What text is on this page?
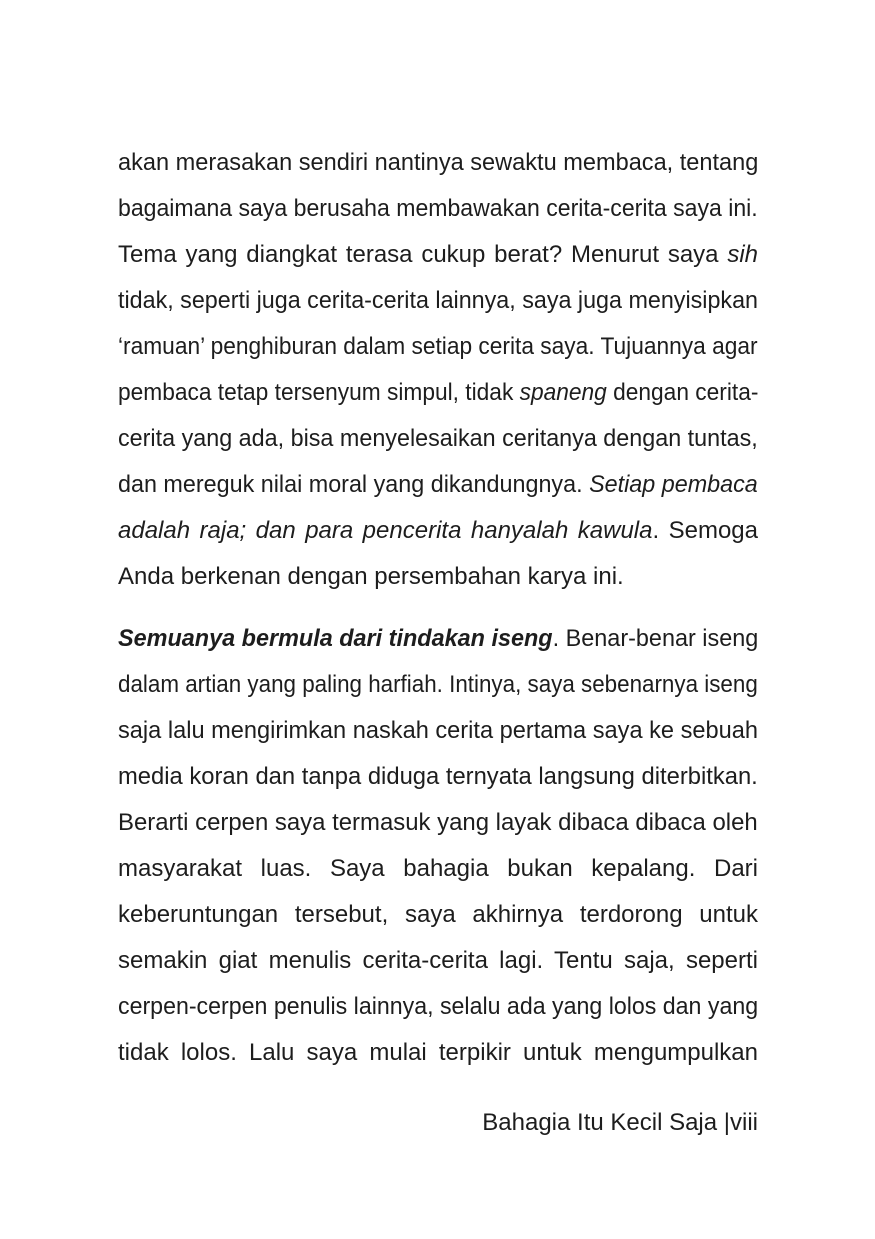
akan merasakan sendiri nantinya sewaktu membaca, tentang
bagaimana saya berusaha membawakan cerita-cerita saya ini.
Tema yang diangkat terasa cukup berat? Menurut saya sih
tidak, seperti juga cerita-cerita lainnya, saya juga menyisipkan
‘ramuan’ penghiburan dalam setiap cerita saya. Tujuannya agar
pembaca tetap tersenyum simpul, tidak spaneng dengan cerita-
cerita yang ada, bisa menyelesaikan ceritanya dengan tuntas,
dan mereguk nilai moral yang dikandungnya. Setiap pembaca
adalah raja; dan para pencerita hanyalah kawula. Semoga
Anda berkenan dengan persembahan karya ini.
Semuanya bermula dari tindakan iseng. Benar-benar iseng
dalam artian yang paling harfiah. Intinya, saya sebenarnya iseng
saja lalu mengirimkan naskah cerita pertama saya ke sebuah
media koran dan tanpa diduga ternyata langsung diterbitkan.
Berarti cerpen saya termasuk yang layak dibaca dibaca oleh
masyarakat luas. Saya bahagia bukan kepalang. Dari
keberuntungan tersebut, saya akhirnya terdorong untuk
semakin giat menulis cerita-cerita lagi. Tentu saja, seperti
cerpen-cerpen penulis lainnya, selalu ada yang lolos dan yang
tidak lolos. Lalu saya mulai terpikir untuk mengumpulkan
Bahagia Itu Kecil Saja |viii
